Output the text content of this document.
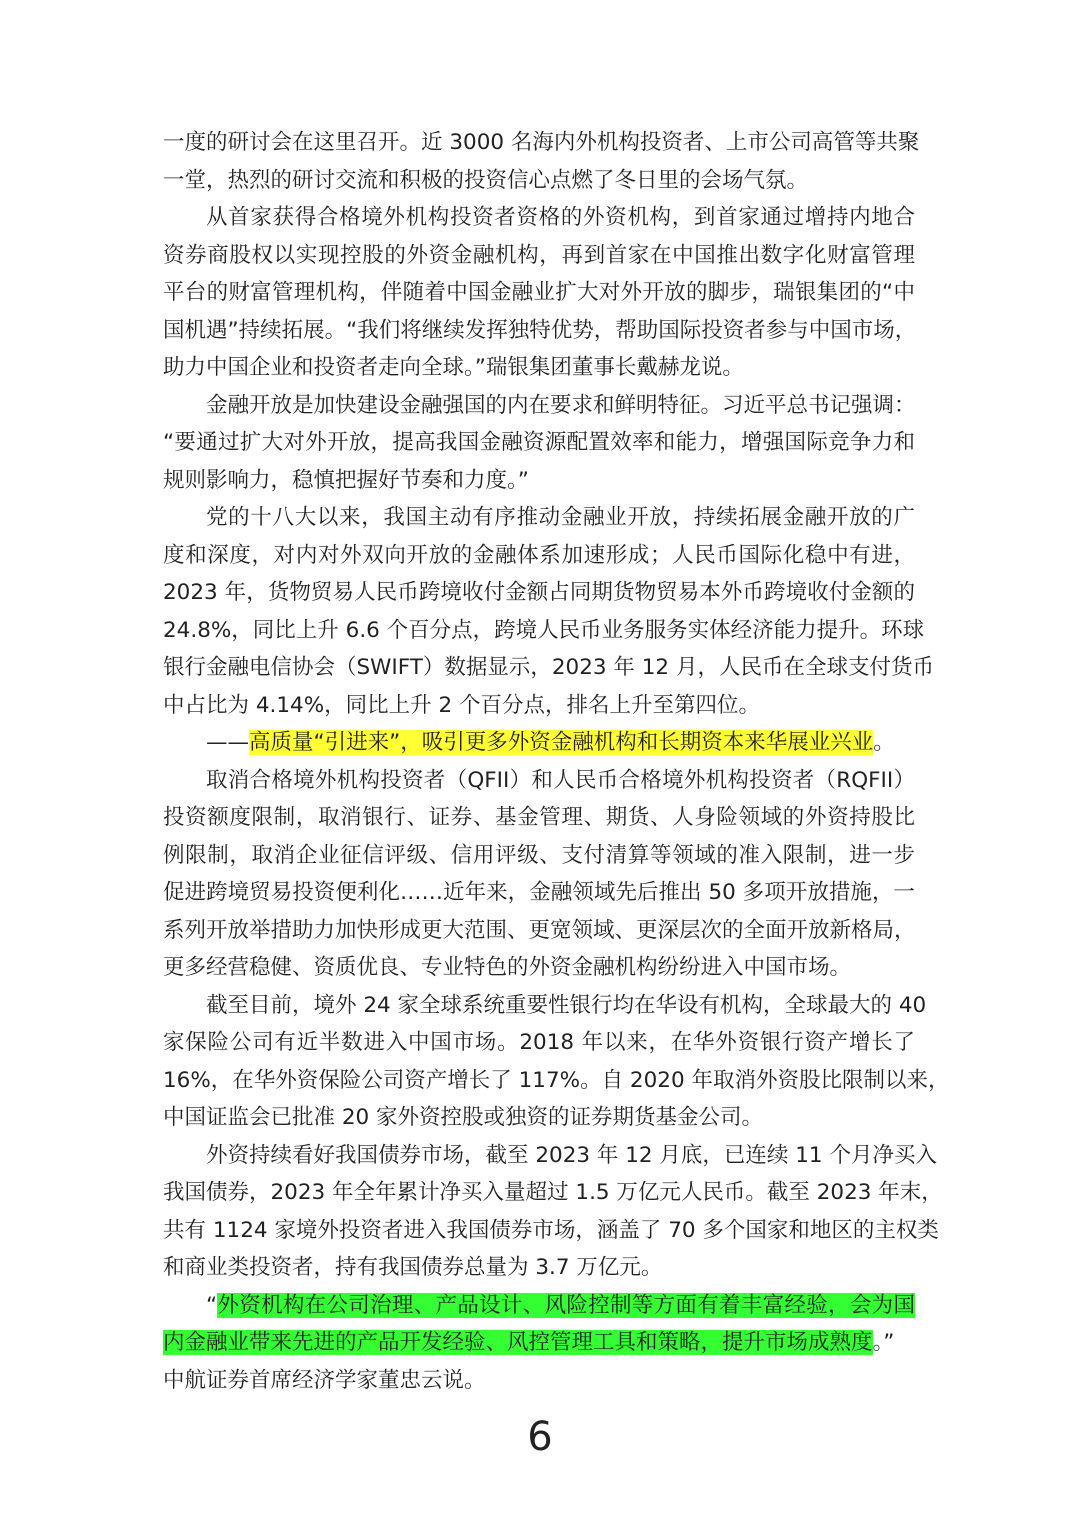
一度的研讨会在这里召开。近 3000 名海内外机构投资者、上市公司高管等共聚
一堂，热烈的研讨交流和积极的投资信心点燃了冬日里的会场气氛。
从首家获得合格境外机构投资者资格的外资机构，到首家通过增持内地合
资券商股权以实现控股的外资金融机构，再到首家在中国推出数字化财富管理
平台的财富管理机构，伴随着中国金融业扩大对外开放的脚步，瑞银集团的“中
国机遇”持续拓展。“我们将继续发挥独特优势，帮助国际投资者参与中国市场，
助力中国企业和投资者走向全球。”瑞银集团董事长戴赫龙说。
金融开放是加快建设金融强国的内在要求和鲜明特征。习近平总书记强调：
“要通过扩大对外开放，提高我国金融资源配置效率和能力，增强国际竞争力和
规则影响力，稳慎把握好节奏和力度。”
党的十八大以来，我国主动有序推动金融业开放，持续拓展金融开放的广
度和深度，对内对外双向开放的金融体系加速形成；人民币国际化稳中有进，
2023 年，货物贸易人民币跨境收付金额占同期货物贸易本外币跨境收付金额的
24.8%，同比上升 6.6 个百分点，跨境人民币业务服务实体经济能力提升。环球
银行金融电信协会（SWIFT）数据显示，2023 年 12 月，人民币在全球支付货币
中占比为 4.14%，同比上升 2 个百分点，排名上升至第四位。
——高质量“引进来”，吸引更多外资金融机构和长期资本来华展业兴业。
取消合格境外机构投资者（QFII）和人民币合格境外机构投资者（RQFII）
投资额度限制，取消银行、证券、基金管理、期货、人身险领域的外资持股比
例限制，取消企业征信评级、信用评级、支付清算等领域的准入限制，进一步
促进跨境贸易投资便利化……近年来，金融领域先后推出 50 多项开放措施，一
系列开放举措助力加快形成更大范围、更宽领域、更深层次的全面开放新格局，
更多经营稳健、资质优良、专业特色的外资金融机构纷纷进入中国市场。
截至目前，境外 24 家全球系统重要性银行均在华设有机构，全球最大的 40
家保险公司有近半数进入中国市场。2018 年以来，在华外资银行资产增长了
16%，在华外资保险公司资产增长了 117%。自 2020 年取消外资股比限制以来，
中国证监会已批准 20 家外资控股或独资的证券期货基金公司。
外资持续看好我国债券市场，截至 2023 年 12 月底，已连续 11 个月净买入
我国债券，2023 年全年累计净买入量超过 1.5 万亿元人民币。截至 2023 年末，
共有 1124 家境外投资者进入我国债券市场，涵盖了 70 多个国家和地区的主权类
和商业类投资者，持有我国债券总量为 3.7 万亿元。
“外资机构在公司治理、产品设计、风险控制等方面有着丰富经验，会为国
内金融业带来先进的产品开发经验、风控管理工具和策略，提升市场成熟度。”
中航证券首席经济学家董忠云说。
6
